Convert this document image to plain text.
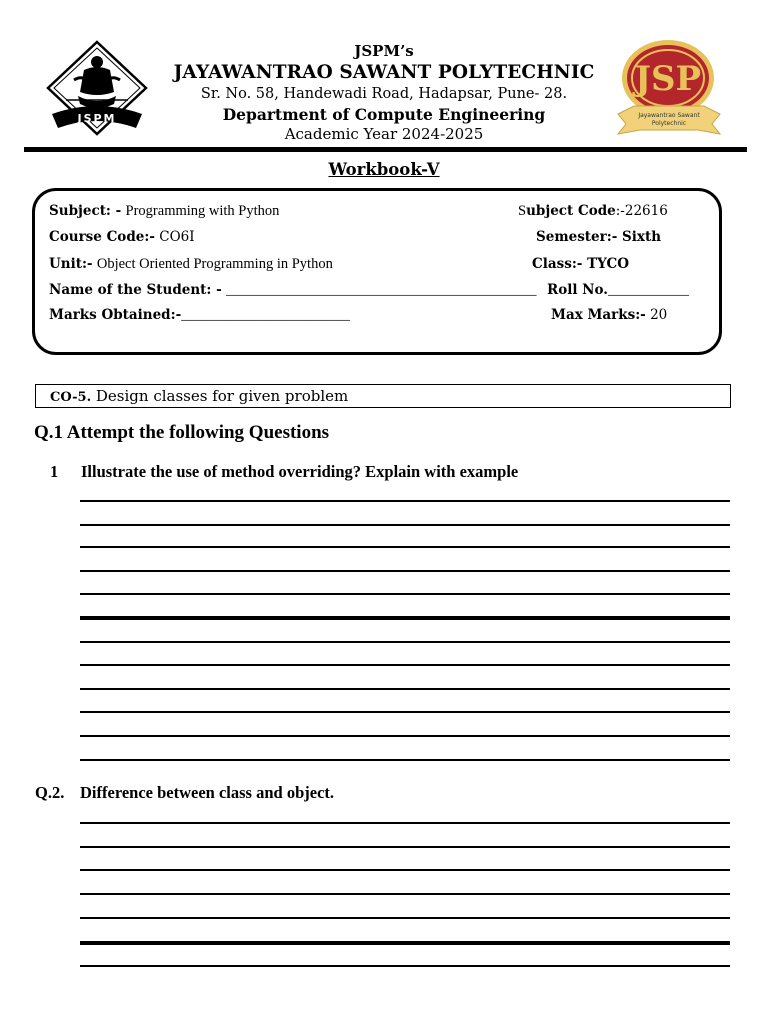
JSPM
JSP
Jayawantrao Sawant
Polytechnic
JSPM’s
JAYAWANTRAO SAWANT POLYTECHNIC
Sr. No. 58, Handewadi Road, Hadapsar, Pune- 28.
Department of Compute Engineering
Academic Year 2024-2025
Workbook-V
Subject: - Programming with Python	Subject Code:-22616
Course Code:- CO6I	Semester:- Sixth
Unit:- Object Oriented Programming in Python	Class:- TYCO
Name of the Student: - ______________________________________________ Roll No.____________
Marks Obtained:-_________________________	Max Marks:- 20
CO-5. Design classes for given problem
Q.1 Attempt the following Questions
1 Illustrate the use of method overriding? Explain with example
Q.2. Difference between class and object.
